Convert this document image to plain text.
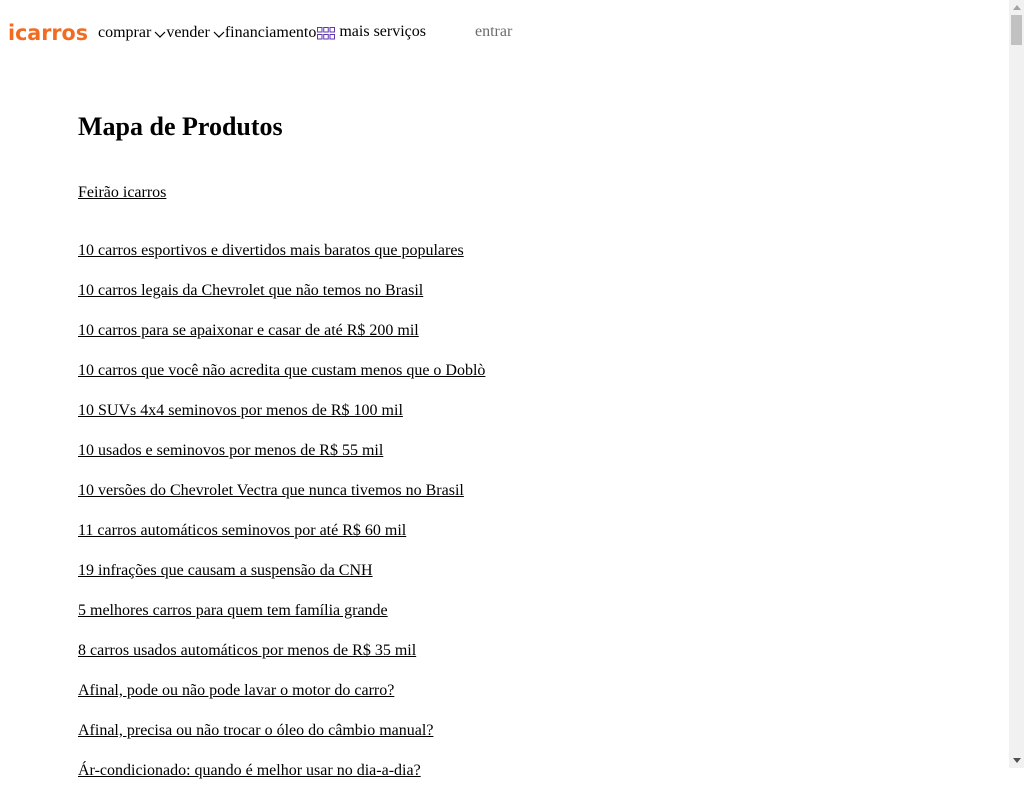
icarros comprar vender financiamento mais serviços	entrar
Mapa de Produtos
Feirão icarros
10 carros esportivos e divertidos mais baratos que populares
10 carros legais da Chevrolet que não temos no Brasil
10 carros para se apaixonar e casar de até R$ 200 mil
10 carros que você não acredita que custam menos que o Doblò
10 SUVs 4x4 seminovos por menos de R$ 100 mil
10 usados e seminovos por menos de R$ 55 mil
10 versões do Chevrolet Vectra que nunca tivemos no Brasil
11 carros automáticos seminovos por até R$ 60 mil
19 infrações que causam a suspensão da CNH
5 melhores carros para quem tem família grande
8 carros usados automáticos por menos de R$ 35 mil
Afinal, pode ou não pode lavar o motor do carro?
Afinal, precisa ou não trocar o óleo do câmbio manual?
Ár-condicionado: quando é melhor usar no dia-a-dia?
